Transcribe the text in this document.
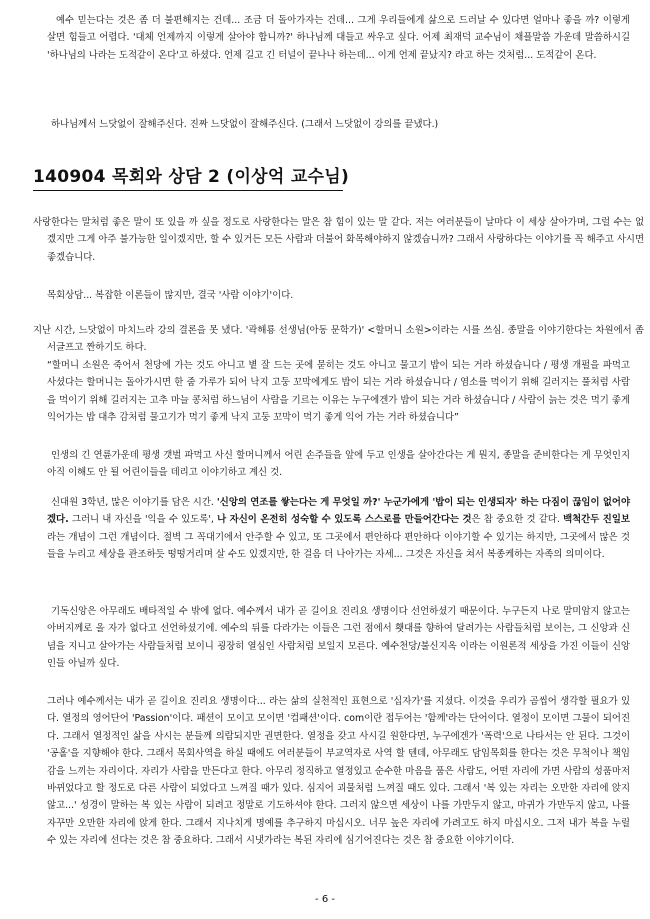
예수 믿는다는 것은 좀 더 불편해지는 건데... 조금 더 돌아가자는 건데... 그게 우리들에게 삶으로 드러날 수 있다면 얼마나 좋을 까? 이렇게 살면 힘들고 어렵다. '대체 언제까지 이렇게 살아야 합니까?' 하나님께 대들고 싸우고 싶다. 어제 최재덕 교수님이 채플말씀 가운데 말씀하시길 '하나님의 나라는 도적같이 온다'고 하셨다. 언제 길고 긴 터널이 끝나나 하는데... 이게 언제 끝났지? 라고 하는 것처럼... 도적같이 온다.

하나님께서 느닷없이 잘해주신다. 진짜 느닷없이 잘해주신다. (그래서 느닷없이 강의를 끝냈다.)

140904 목회와 상담 2 (이상억 교수님)

사랑한다는 말처럼 좋은 말이 또 있을 까 싶을 정도로 사랑한다는 말은 참 힘이 있는 말 같다. 저는 여러분들이 날마다 이 세상 살아가며, 그럴 수는 없겠지만 그게 아주 불가능한 일이겠지만, 할 수 있거든 모든 사람과 더불어 화목해야하지 않겠습니까? 그래서 사랑하다는 이야기를 꼭 해주고 사시면 좋겠습니다.

목회상담... 복잡한 이론들이 많지만, 결국 '사람 이야기'이다.

지난 시간, 느닷없이 마치느라 강의 결론을 못 냈다. '곽해룡 선생님(아동 문학가)' <할머니 소원>이라는 시를 쓰심. 종말을 이야기한다는 차원에서 좀 서글프고 짠하기도 하다.

“할머니 소원은 죽어서 천당에 가는 것도 아니고 볕 잘 드는 곳에 묻히는 것도 아니고 물고기 밥이 되는 거라 하셨습니다 / 평생 개펄을 파먹고 사셨다는 할머니는 돌아가시면 한 줌 가루가 되어 낙지 고둥 꼬막에게도 밥이 되는 거라 하셨습니다 / 염소를 먹이기 위해 길러지는 풀처럼 사람을 먹이기 위해 길러지는 고추 마늘 콩처럼 하느님이 사람을 기르는 이유는 누구에겐가 밥이 되는 거라 하셨습니다 / 사람이 늙는 것은 먹기 좋게 익어가는 밥 대추 감처럼 물고기가 먹기 좋게 낙지 고둥 꼬막이 먹기 좋게 익어 가는 거라 하셨습니다”

인생의 긴 연륜가운데 평생 갯벌 파먹고 사신 할머니께서 어린 손주들을 앞에 두고 인생을 살아간다는 게 뭔지, 종말을 준비한다는 게 무엇인지 아직 이해도 안 될 어린이들을 데리고 이야기하고 계신 것.

신대원 3학년, 많은 이야기를 담은 시간. '신앙의 연조를 쌓는다는 게 무엇일 까?' 누군가에게 '밥이 되는 인생되자' 하는 다짐이 끊임이 없어야겠다. 그러니 내 자신을 '익을 수 있도록', 나 자신이 온전히 성숙할 수 있도록 스스로를 만들어간다는 것은 참 중요한 것 같다. 백척간두 진일보라는 개념이 그런 개념이다. 절벽 그 꼭대기에서 안주할 수 있고, 또 그곳에서 편안하다 편안하다 이야기할 수 있기는 하지만, 그곳에서 많은 것들을 누리고 세상을 관조하듯 떵떵거리며 살 수도 있겠지만, 한 걸음 더 나아가는 자세... 그것은 자신을 쳐서 복종케하는 자족의 의미이다.

기독신앙은 아무래도 배타적일 수 밖에 없다. 예수께서 내가 곧 길이요 진리요 생명이다 선언하셨기 때문이다. 누구든지 나로 말미암지 않고는 아버지께로 올 자가 없다고 선언하셨기에. 예수의 뒤를 다라가는 이들은 그런 점에서 횃대를 향하여 달려가는 사람들처럼 보이는, 그 신앙과 신념을 지니고 살아가는 사람들처럼 보이니 굉장히 열심인 사람처럼 보일지 모른다. 예수천당/불신지옥 이라는 이원론적 세상을 가진 이들이 신앙인들 아닐까 싶다.

그러나 예수께서는 내가 곧 길이요 진리요 생명이다... 라는 삶의 실천적인 표현으로 '십자가'를 지셨다. 이것을 우리가 곰씹어 생각할 필요가 있다. 열정의 영어단어 'Passion'이다. 패션이 모이고 모이면 '컴패션'이다. com이란 접두어는 '함께'라는 단어이다. 열정이 모이면 그물이 되어진다. 그래서 열정적인 삶을 사시는 분들께 의람되지만 권면한다. 열정을 갖고 사시길 원한다면, 누구에겐가 '폭력'으로 나타서는 안 된다. 그것이 '공홀'을 지향해야 한다. 그래서 목회사역을 하실 때에도 여러분들이 부교역자로 사역 할 텐데, 아무래도 담임목회를 한다는 것은 무척이나 책임감을 느끼는 자리이다. 자리가 사람을 만든다고 한다. 아무리 정직하고 열정있고 순수한 마음을 품은 사람도, 어떤 자리에 가면 사람의 성품마저 바뀌었다고 할 정도로 다른 사람이 되었다고 느껴질 때가 있다. 심지어 괴물처럼 느껴질 때도 있다. 그래서 '복 있는 자리는 오만한 자리에 앉지 않고...' 성경이 말하는 복 있는 사람이 되려고 정말로 기도하셔야 한다. 그러지 않으면 세상이 나를 가만두지 않고, 마귀가 가만두지 않고, 나를 자꾸만 오만한 자리에 앉게 한다. 그래서 지나치게 명예를 추구하지 마십시오. 너무 높은 자리에 가려고도 하지 마십시오. 그저 내가 복을 누릴 수 있는 자리에 선다는 것은 참 중요하다. 그래서 시냇가라는 복된 자리에 심기어진다는 것은 참 중요한 이야기이다.

- 6 -
